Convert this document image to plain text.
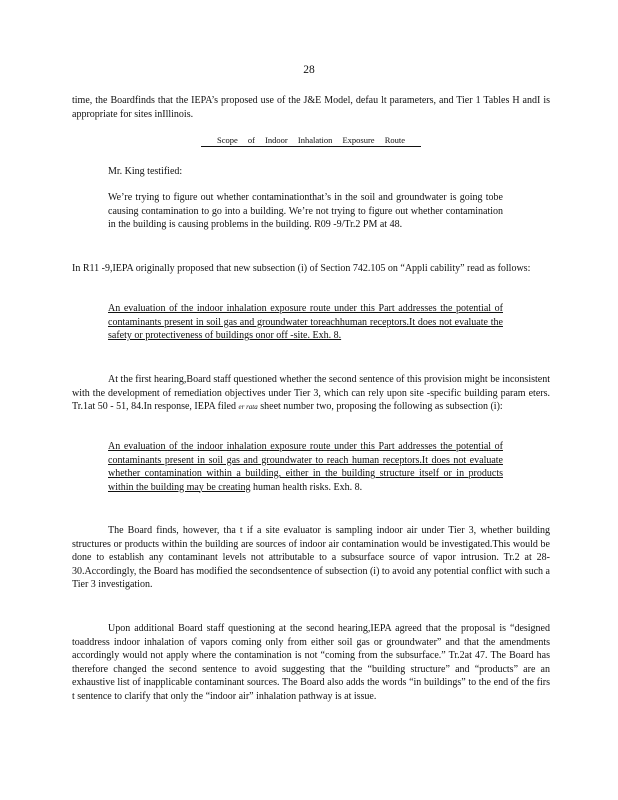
28

time, the Boardfinds that the IEPA’s proposed use of the J&E Model, defau lt parameters, and Tier 1 Tables H andI is appropriate for sites inIllinois.

Scope of Indoor Inhalation Exposure Route

Mr. King testified:

We’re trying to figure out whether contaminationthat’s in the soil and groundwater is going tobe causing contamination to go into a building. We’re not trying to figure out whether contamination in the building is causing problems in the building. R09 -9/Tr.2 PM at 48.

In R11 -9,IEPA originally proposed that new subsection (i) of Section 742.105 on “Appli cability” read as follows:

An evaluation of the indoor inhalation exposure route under this Part addresses the potential of contaminants present in soil gas and groundwater toreachhuman receptors.It does not evaluate the safety or protectiveness of buildings onor off -site. Exh. 8.

At the first hearing,Board staff questioned whether the second sentence of this provision might be inconsistent with the development of remediation objectives under Tier 3, which can rely upon site -specific building param eters. Tr.1at 50 - 51, 84.In response, IEPA filed er rata sheet number two, proposing the following as subsection (i):

An evaluation of the indoor inhalation exposure route under this Part addresses the potential of contaminants present in soil gas and groundwater to reach human receptors.It does not evaluate whether contamination within a building, either in the building structure itself or in products within the building may be creating human health risks. Exh. 8.

The Board finds, however, tha t if a site evaluator is sampling indoor air under Tier 3, whether building structures or products within the building are sources of indoor air contamination would be investigated.This would be done to establish any contaminant levels not attributable to a subsurface source of vapor intrusion. Tr.2 at 28- 30.Accordingly, the Board has modified the secondsentence of subsection (i) to avoid any potential conflict with such a Tier 3 investigation.

Upon additional Board staff questioning at the second hearing,IEPA agreed that the proposal is “designed toaddress indoor inhalation of vapors coming only from either soil gas or groundwater” and that the amendments accordingly would not apply where the contamination is not “coming from the subsurface.” Tr.2at 47. The Board has therefore changed the second sentence to avoid suggesting that the “building structure” and “products” are an exhaustive list of inapplicable contaminant sources. The Board also adds the words “in buildings” to the end of the firs t sentence to clarify that only the “indoor air” inhalation pathway is at issue.
